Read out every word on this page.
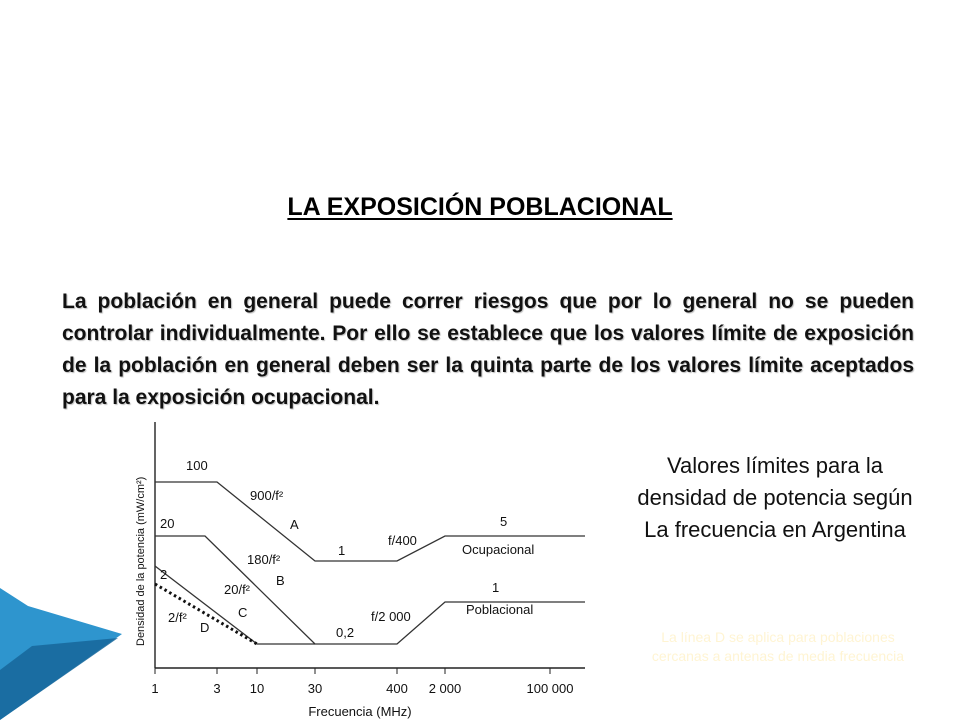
LA EXPOSICIÓN POBLACIONAL

La población en general puede correr riesgos que por lo general no se pueden controlar individualmente. Por ello se establece que los valores límite de exposición de la población en general deben ser la quinta parte de los valores límite aceptados para la exposición ocupacional.

Densidad de la potencia (mW/cm²)
100
20
2
1
0,2
5
1
900/f²
180/f²
20/f²
2/f²
f/400
f/2 000
A
B
C
D
Ocupacional
Poblacional
1	3 10	30	400 2 000	100 000
Frecuencia (MHz)
Valores límites para la
densidad de potencia según
La frecuencia en Argentina
La línea D se aplica para poblaciones
cercanas a antenas de media frecuencia
